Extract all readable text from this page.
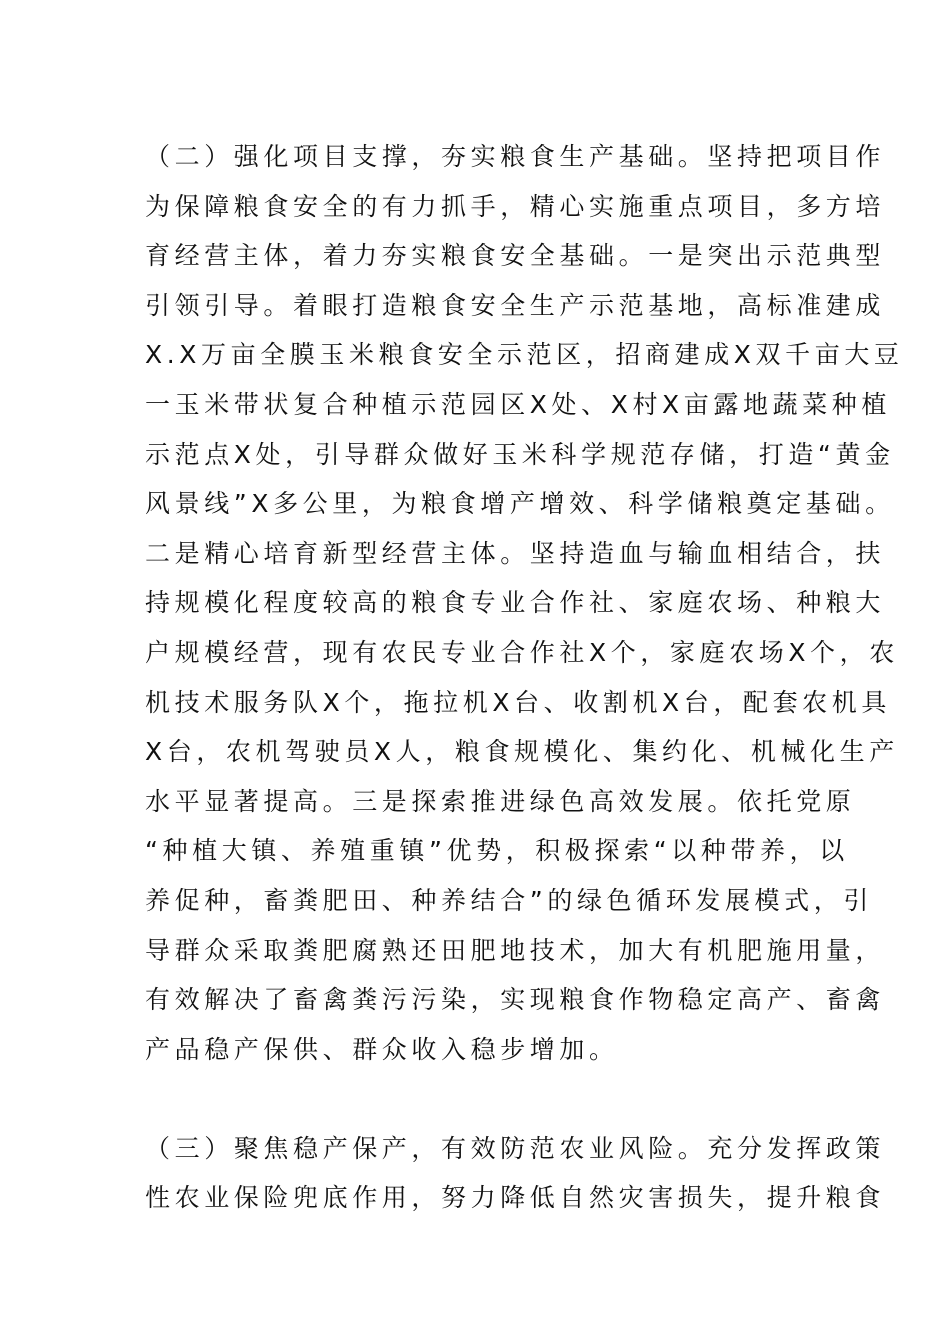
（二）强化项目支撑，夯实粮食生产基础。坚持把项目作
为保障粮食安全的有力抓手，精心实施重点项目，多方培
育经营主体，着力夯实粮食安全基础。一是突出示范典型
引领引导。着眼打造粮食安全生产示范基地，高标准建成
X.X万亩全膜玉米粮食安全示范区，招商建成X双千亩大豆
一玉米带状复合种植示范园区X处、X村X亩露地蔬菜种植
示范点X处，引导群众做好玉米科学规范存储，打造“黄金
风景线”X多公里，为粮食增产增效、科学储粮奠定基础。
二是精心培育新型经营主体。坚持造血与输血相结合，扶
持规模化程度较高的粮食专业合作社、家庭农场、种粮大
户规模经营，现有农民专业合作社X个，家庭农场X个，农
机技术服务队X个，拖拉机X台、收割机X台，配套农机具
X台，农机驾驶员X人，粮食规模化、集约化、机械化生产
水平显著提高。三是探索推进绿色高效发展。依托党原
“种植大镇、养殖重镇”优势，积极探索“以种带养，以
养促种，畜粪肥田、种养结合”的绿色循环发展模式，引
导群众采取粪肥腐熟还田肥地技术，加大有机肥施用量，
有效解决了畜禽粪污污染，实现粮食作物稳定高产、畜禽
产品稳产保供、群众收入稳步增加。
（三）聚焦稳产保产，有效防范农业风险。充分发挥政策
性农业保险兜底作用，努力降低自然灾害损失，提升粮食
